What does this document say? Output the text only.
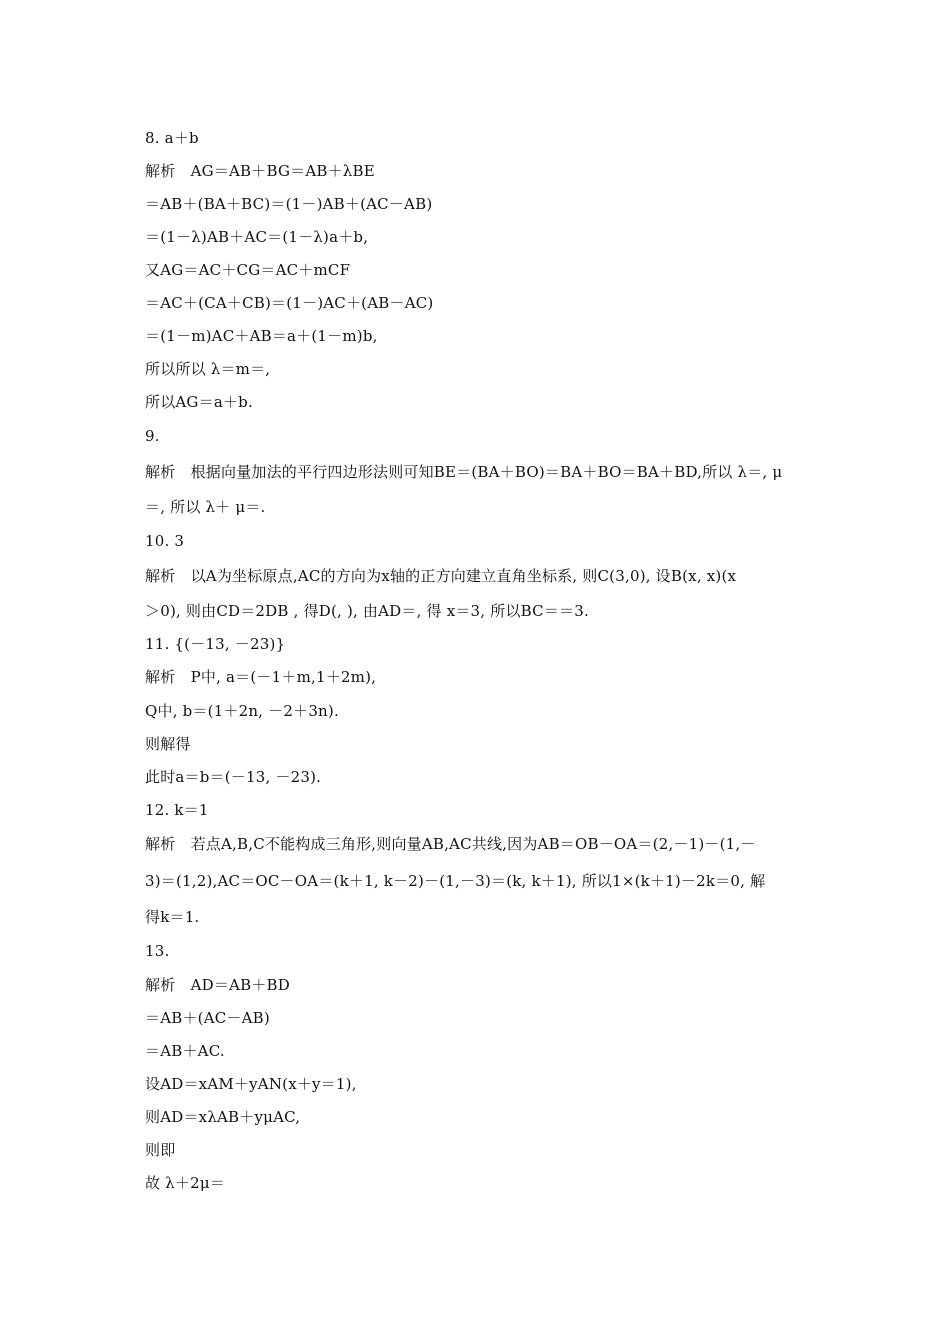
8. a＋b
解析　AG＝AB＋BG＝AB＋λBE
＝AB＋(BA＋BC)＝(1－)AB＋(AC－AB)
＝(1－λ)AB＋AC＝(1－λ)a＋b,
又AG＝AC＋CG＝AC＋mCF
＝AC＋(CA＋CB)＝(1－)AC＋(AB－AC)
＝(1－m)AC＋AB＝a＋(1－m)b,
所以所以 λ＝m＝,
所以AG＝a＋b.
9.
解析　根据向量加法的平行四边形法则可知BE＝(BA＋BO)＝BA＋BO＝BA＋BD,所以 λ＝, μ
＝, 所以 λ＋ μ＝.
10. 3
解析　以A为坐标原点,AC的方向为x轴的正方向建立直角坐标系, 则C(3,0), 设B(x, x)(x
＞0), 则由CD＝2DB , 得D(, ), 由AD＝, 得 x＝3, 所以BC＝＝3.
11. {(－13, －23)}
解析　P中, a＝(－1＋m,1＋2m),
Q中, b＝(1＋2n, －2＋3n).
则解得
此时a＝b＝(－13, －23).
12. k＝1
解析　若点A,B,C不能构成三角形,则向量AB,AC共线,因为AB＝OB－OA＝(2,－1)－(1,－
3)＝(1,2),AC＝OC－OA＝(k＋1, k－2)－(1,－3)＝(k, k＋1), 所以1×(k＋1)－2k＝0, 解
得k＝1.
13.
解析　AD＝AB＋BD
＝AB＋(AC－AB)
＝AB＋AC.
设AD＝xAM＋yAN(x＋y＝1),
则AD＝xλAB＋yμAC,
则即
故 λ＋2μ＝
